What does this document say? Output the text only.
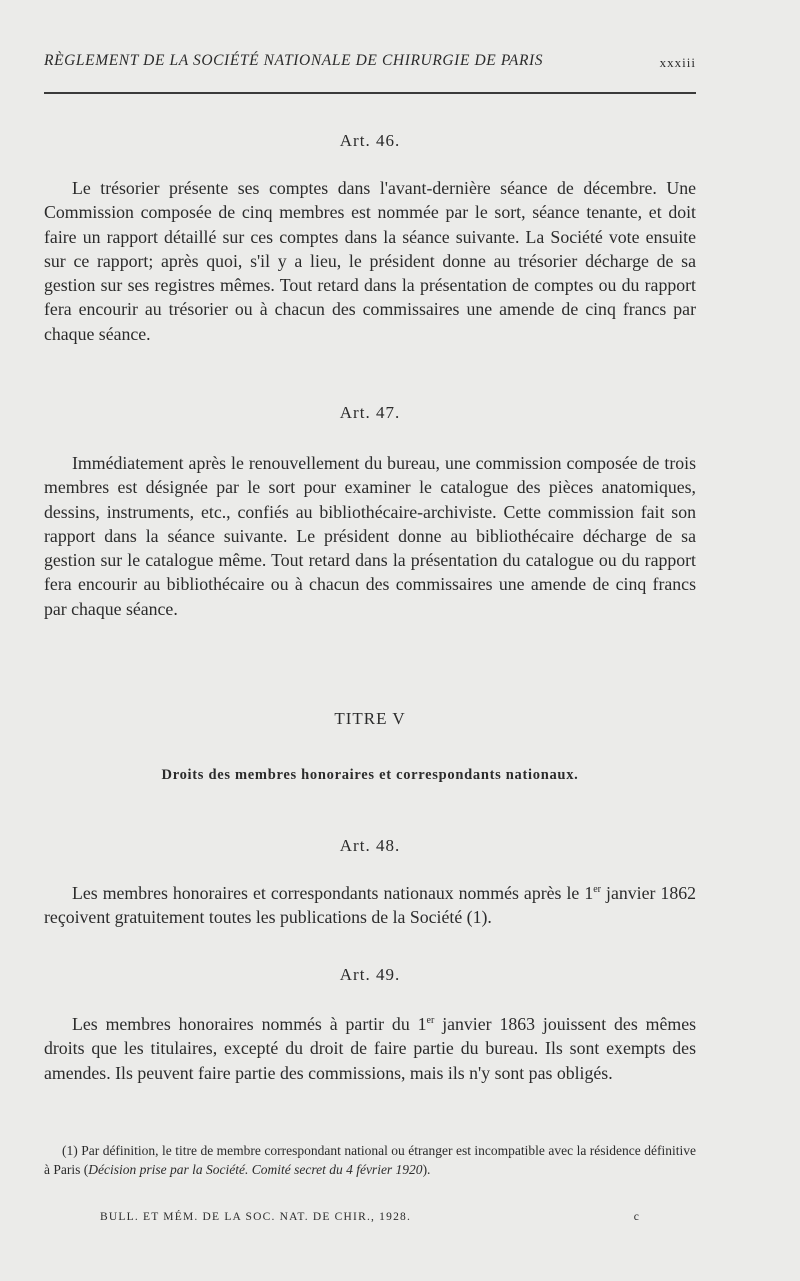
RÈGLEMENT DE LA SOCIÉTÉ NATIONALE DE CHIRURGIE DE PARIS	xxxiii
Art. 46.

Le trésorier présente ses comptes dans l'avant-dernière séance de décembre. Une Commission composée de cinq membres est nommée par le sort, séance tenante, et doit faire un rapport détaillé sur ces comptes dans la séance suivante. La Société vote ensuite sur ce rapport; après quoi, s'il y a lieu, le président donne au trésorier décharge de sa gestion sur ses registres mêmes. Tout retard dans la présentation de comptes ou du rapport fera encourir au trésorier ou à chacun des commissaires une amende de cinq francs par chaque séance.

Art. 47.

Immédiatement après le renouvellement du bureau, une commission composée de trois membres est désignée par le sort pour examiner le catalogue des pièces anatomiques, dessins, instruments, etc., confiés au bibliothécaire-archiviste. Cette commission fait son rapport dans la séance suivante. Le président donne au bibliothécaire décharge de sa gestion sur le catalogue même. Tout retard dans la présentation du catalogue ou du rapport fera encourir au bibliothécaire ou à chacun des commissaires une amende de cinq francs par chaque séance.

TITRE V
Droits des membres honoraires et correspondants nationaux.
Art. 48.

Les membres honoraires et correspondants nationaux nommés après le 1er janvier 1862 reçoivent gratuitement toutes les publications de la Société (1).

Art. 49.

Les membres honoraires nommés à partir du 1er janvier 1863 jouissent des mêmes droits que les titulaires, excepté du droit de faire partie du bureau. Ils sont exempts des amendes. Ils peuvent faire partie des commissions, mais ils n'y sont pas obligés.

(1) Par définition, le titre de membre correspondant national ou étranger est incompatible avec la résidence définitive à Paris (Décision prise par la Société. Comité secret du 4 février 1920).

BULL. ET MÉM. DE LA SOC. NAT. DE CHIR., 1928.	c
